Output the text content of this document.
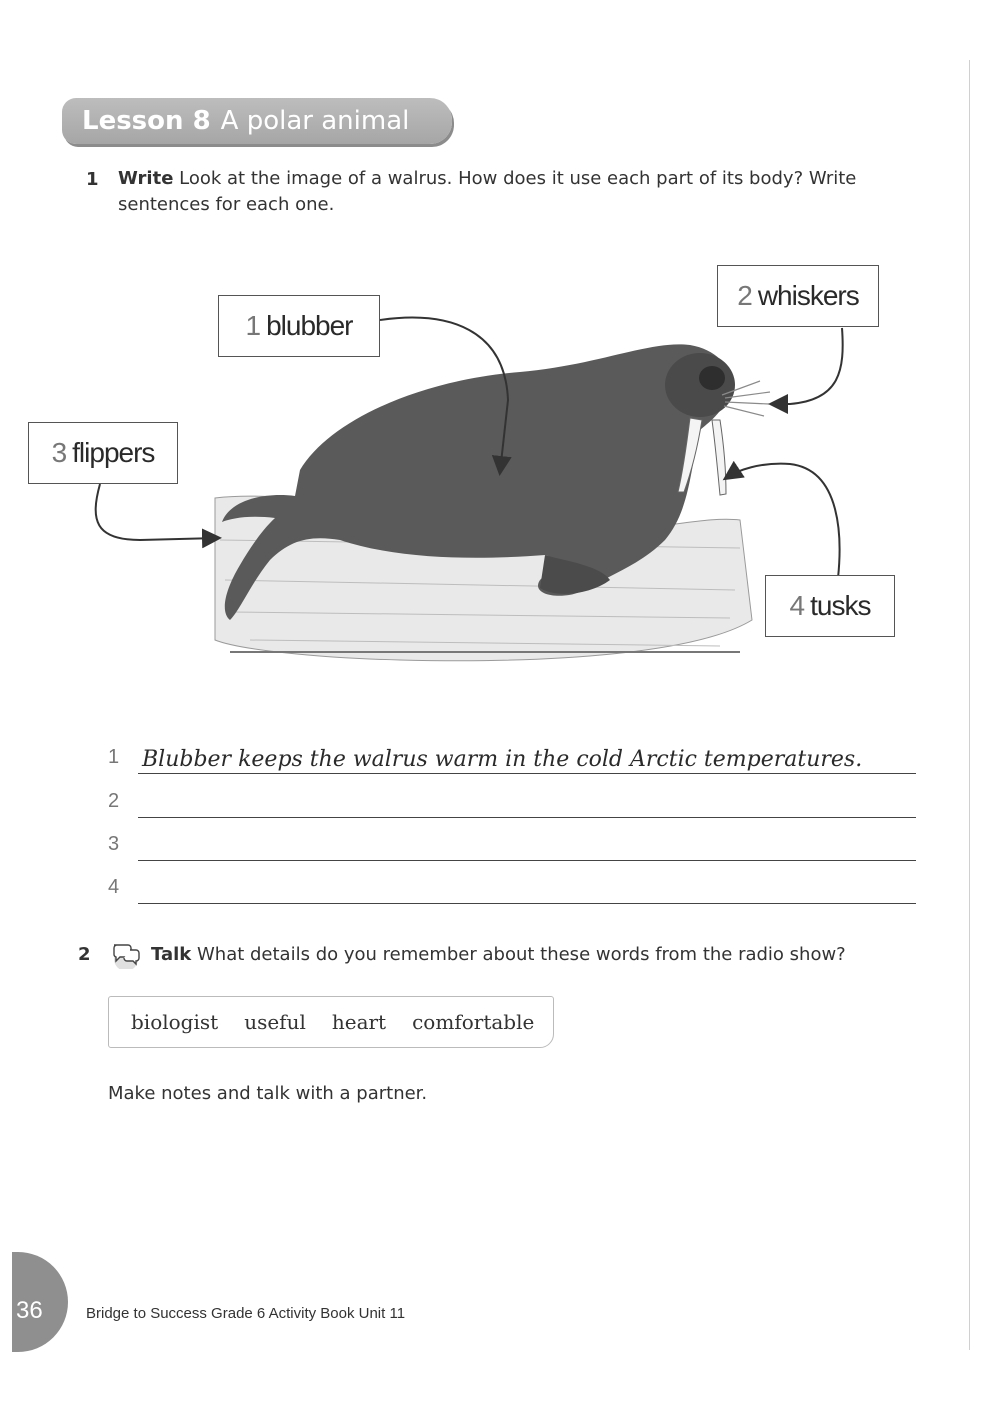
Lesson 8 A polar animal
1 Write Look at the image of a walrus. How does it use each part of its body? Write
sentences for each one.
1 blubber
2 whiskers
3 flippers
4 tusks
1 Blubber keeps the walrus warm in the cold Arctic temperatures.
2
3
4
2	Talk What details do you remember about these words from the radio show?
biologist useful heart comfortable
Make notes and talk with a partner.
36	Bridge to Success Grade 6 Activity Book Unit 11
